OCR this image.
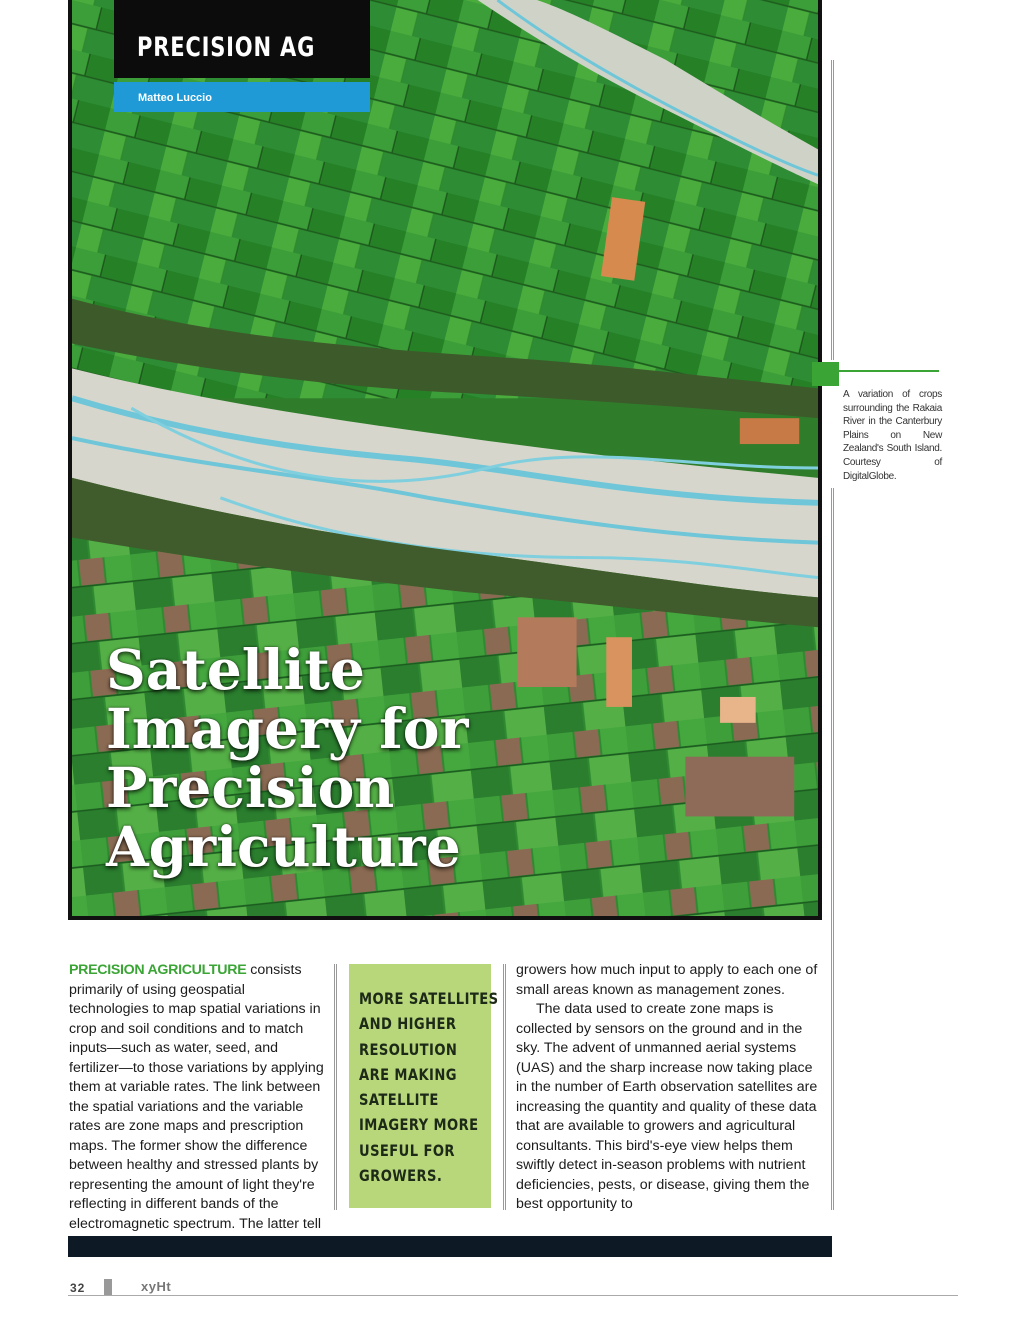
PRECISION AG
Matteo Luccio
Satellite
Imagery for
Precision
Agriculture

A variation of crops surrounding the Rakaia River in the Canterbury Plains on New Zealand's South Island. Courtesy of DigitalGlobe.

PRECISION AGRICULTURE consists primarily of using geospatial technologies to map spatial variations in crop and soil conditions and to match inputs—such as water, seed, and fertilizer—to those variations by applying them at variable rates. The link between the spatial variations and the variable rates are zone maps and prescription maps. The former show the difference between healthy and stressed plants by representing the amount of light they're reflecting in different bands of the electromagnetic spectrum. The latter tell

MORE SATELLITES
AND HIGHER
RESOLUTION
ARE MAKING
SATELLITE
IMAGERY MORE
USEFUL FOR
GROWERS.

growers how much input to apply to each one of small areas known as management zones.

The data used to create zone maps is collected by sensors on the ground and in the sky. The advent of unmanned aerial systems (UAS) and the sharp increase now taking place in the number of Earth observation satellites are increasing the quantity and quality of these data that are available to growers and agricultural consultants. This bird's-eye view helps them swiftly detect in-season problems with nutrient deficiencies, pests, or disease, giving them the best opportunity to

32	xyHt
